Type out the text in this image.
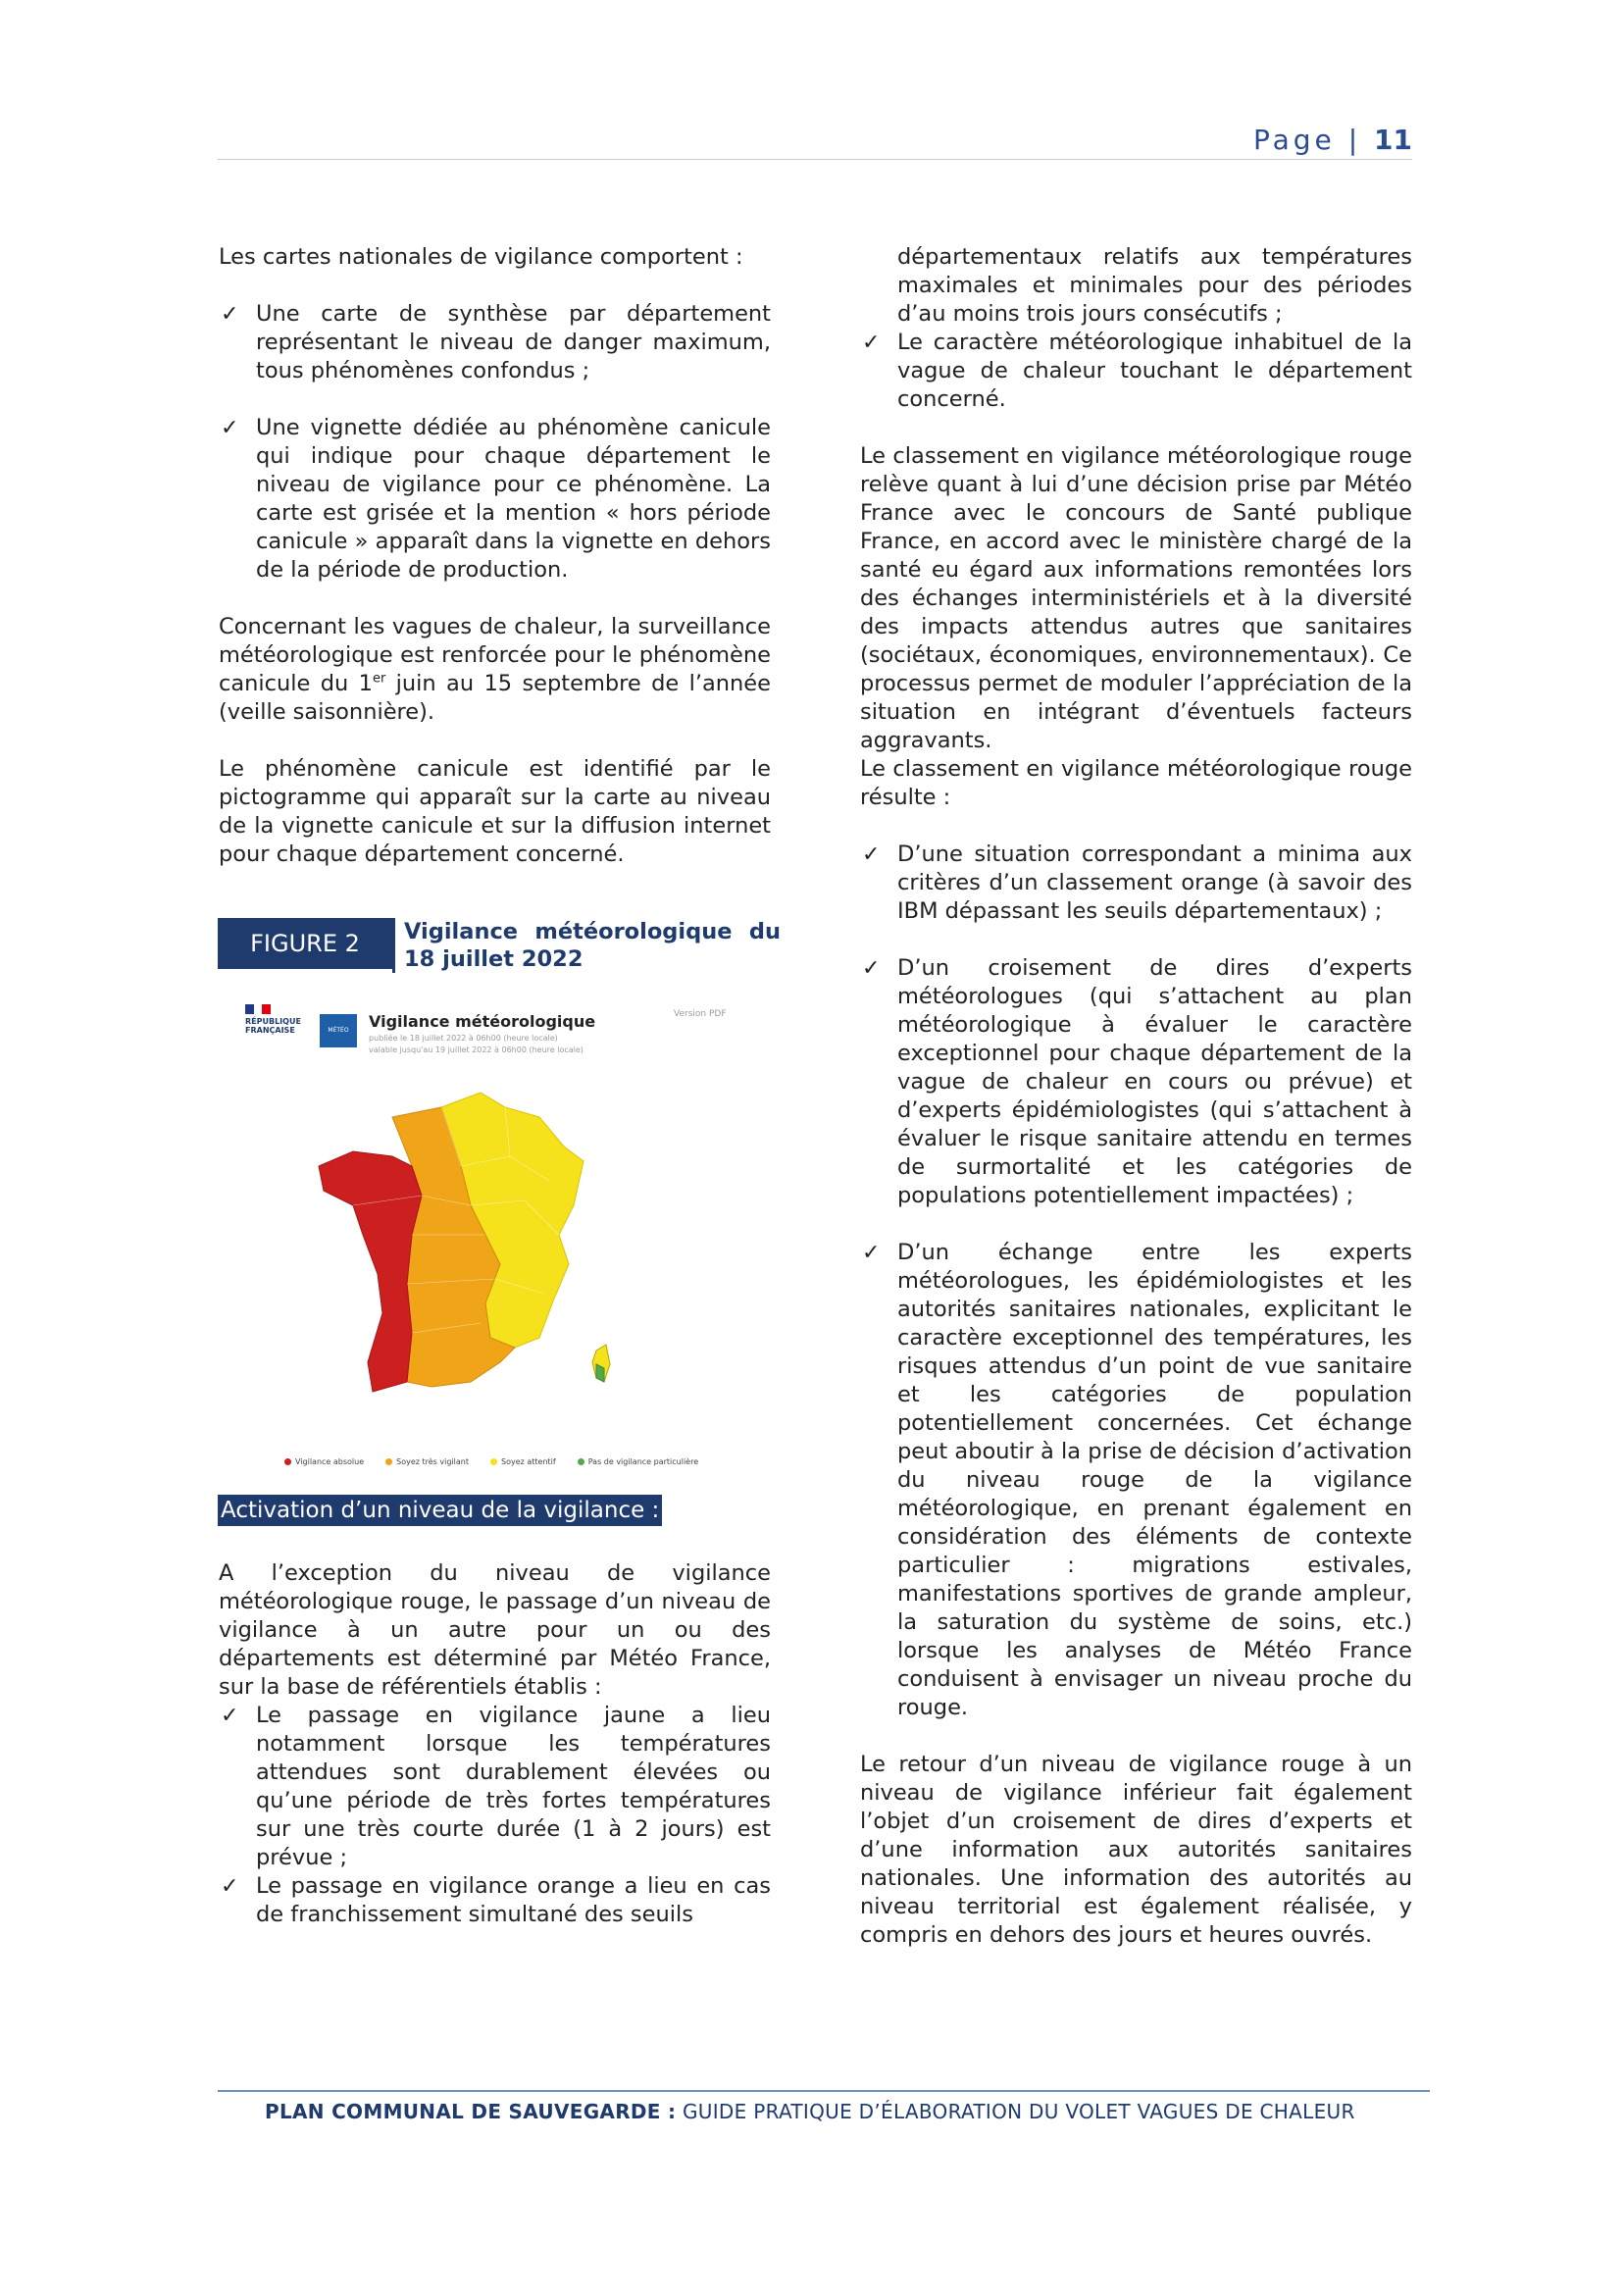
Page | 11

Les cartes nationales de vigilance comportent :

✓ Une carte de synthèse par département représentant le niveau de danger maximum, tous phénomènes confondus ;
✓ Une vignette dédiée au phénomène canicule qui indique pour chaque département le niveau de vigilance pour ce phénomène. La carte est grisée et la mention « hors période canicule » apparaît dans la vignette en dehors de la période de production.

Concernant les vagues de chaleur, la surveillance météorologique est renforcée pour le phénomène canicule du 1er juin au 15 septembre de l’année (veille saisonnière).

Le phénomène canicule est identifié par le pictogramme qui apparaît sur la carte au niveau de la vignette canicule et sur la diffusion internet pour chaque département concerné.

FIGURE 2	Vigilance météorologique du 18 juillet 2022
RÉPUBLIQUE FRANÇAISE	MÉTÉO FRANCE
Vigilance météorologique
publiée le 18 juillet 2022 à 06h00 (heure locale)
valable jusqu'au 19 juillet 2022 à 06h00 (heure locale)
Version PDF
Vigilance absolue	Soyez très vigilant	Soyez attentif	Pas de vigilance particulière
Activation d’un niveau de la vigilance :

A l’exception du niveau de vigilance météorologique rouge, le passage d’un niveau de vigilance à un autre pour un ou des départements est déterminé par Météo France, sur la base de référentiels établis :

✓ Le passage en vigilance jaune a lieu notamment lorsque les températures attendues sont durablement élevées ou qu’une période de très fortes températures sur une très courte durée (1 à 2 jours) est prévue ;
✓ Le passage en vigilance orange a lieu en cas de franchissement simultané des seuils
départementaux relatifs aux températures maximales et minimales pour des périodes d’au moins trois jours consécutifs ;
✓ Le caractère météorologique inhabituel de la vague de chaleur touchant le département concerné.

Le classement en vigilance météorologique rouge relève quant à lui d’une décision prise par Météo France avec le concours de Santé publique France, en accord avec le ministère chargé de la santé eu égard aux informations remontées lors des échanges interministériels et à la diversité des impacts attendus autres que sanitaires (sociétaux, économiques, environnementaux). Ce processus permet de moduler l’appréciation de la situation en intégrant d’éventuels facteurs aggravants.

Le classement en vigilance météorologique rouge résulte :

✓ D’une situation correspondant a minima aux critères d’un classement orange (à savoir des IBM dépassant les seuils départementaux) ;
✓ D’un croisement de dires d’experts météorologues (qui s’attachent au plan météorologique à évaluer le caractère exceptionnel pour chaque département de la vague de chaleur en cours ou prévue) et d’experts épidémiologistes (qui s’attachent à évaluer le risque sanitaire attendu en termes de surmortalité et les catégories de populations potentiellement impactées) ;
✓ D’un échange entre les experts météorologues, les épidémiologistes et les autorités sanitaires nationales, explicitant le caractère exceptionnel des températures, les risques attendus d’un point de vue sanitaire et les catégories de population potentiellement concernées. Cet échange peut aboutir à la prise de décision d’activation du niveau rouge de la vigilance météorologique, en prenant également en considération des éléments de contexte particulier : migrations estivales, manifestations sportives de grande ampleur, la saturation du système de soins, etc.) lorsque les analyses de Météo France conduisent à envisager un niveau proche du rouge.

Le retour d’un niveau de vigilance rouge à un niveau de vigilance inférieur fait également l’objet d’un croisement de dires d’experts et d’une information aux autorités sanitaires nationales. Une information des autorités au niveau territorial est également réalisée, y compris en dehors des jours et heures ouvrés.

PLAN COMMUNAL DE SAUVEGARDE : GUIDE PRATIQUE D’ÉLABORATION DU VOLET VAGUES DE CHALEUR
